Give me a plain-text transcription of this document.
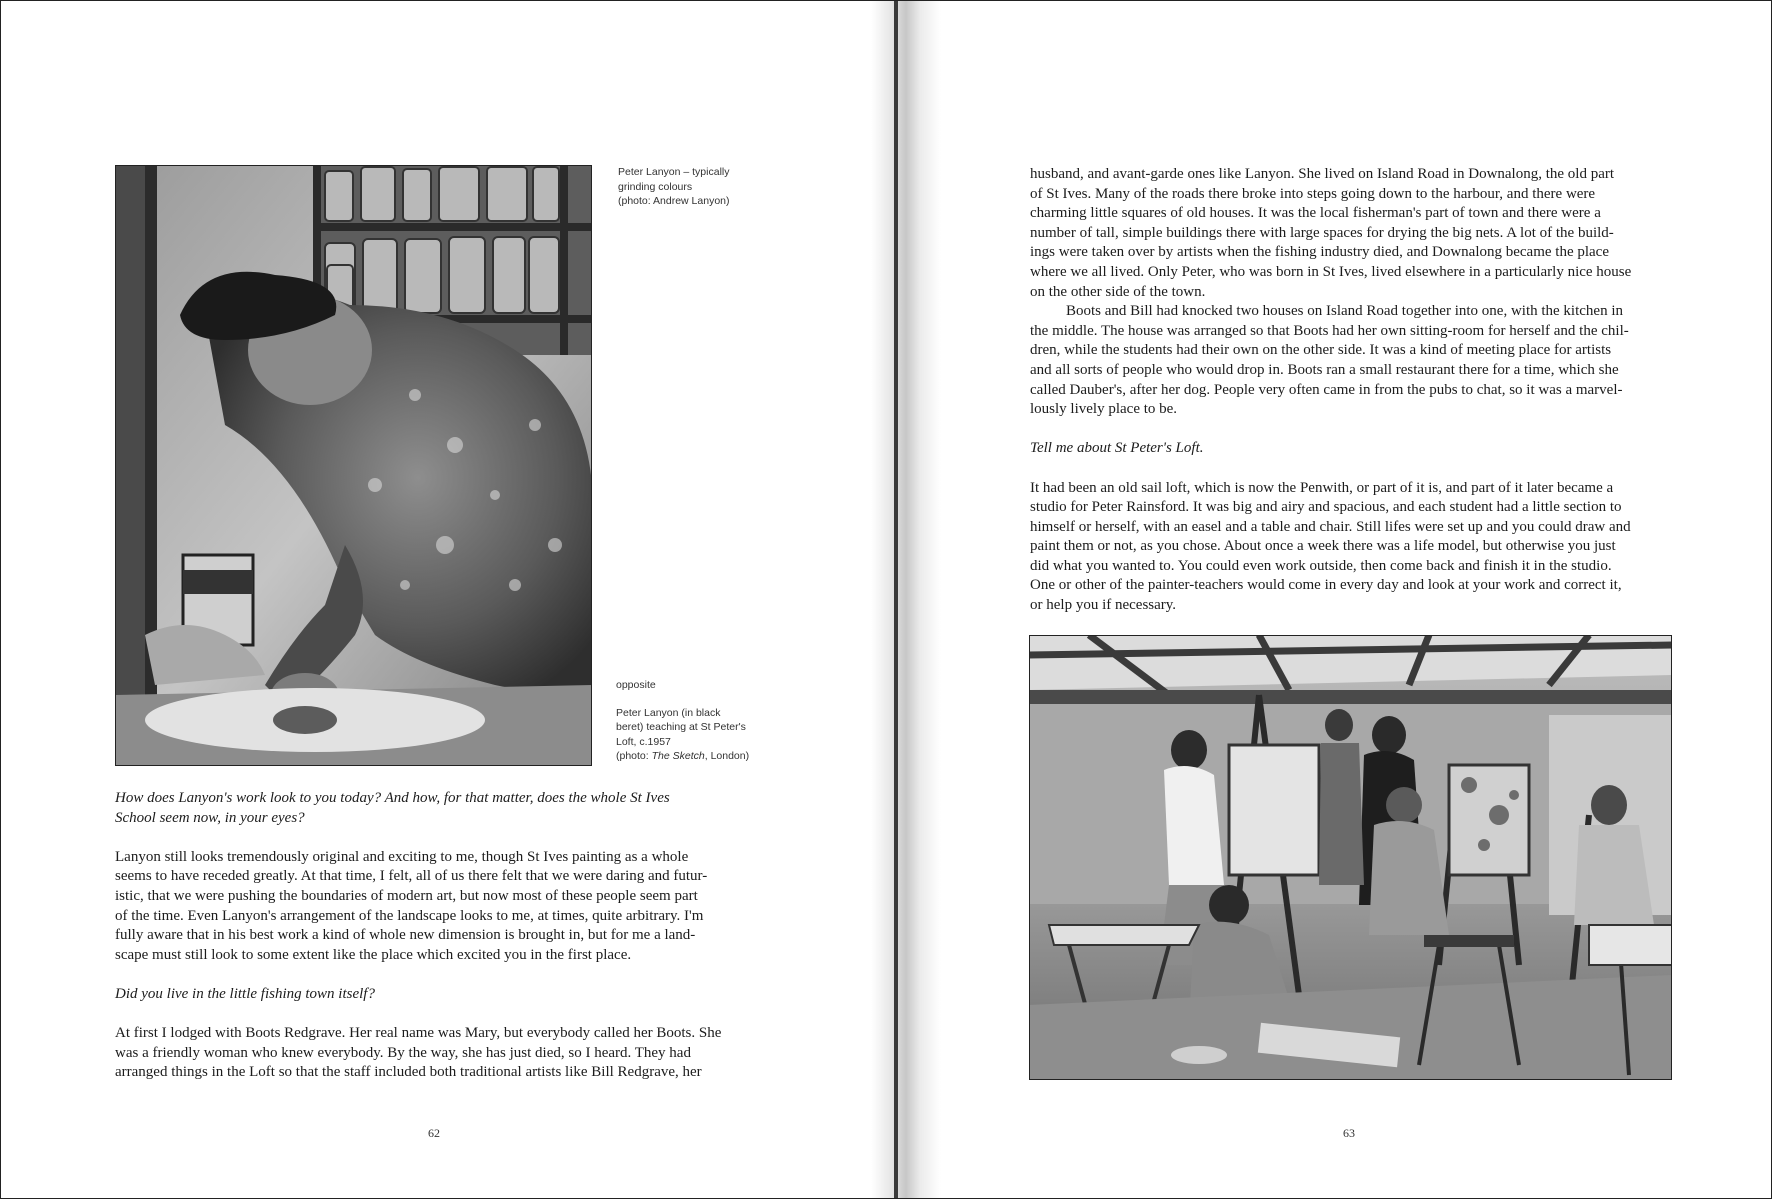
Peter Lanyon – typically

grinding colours

(photo: Andrew Lanyon)

opposite

Peter Lanyon (in black

beret) teaching at St Peter's

Loft, c.1957

(photo: The Sketch, London)

How does Lanyon's work look to you today? And how, for that matter, does the whole St Ives
School seem now, in your eyes?

Lanyon still looks tremendously original and exciting to me, though St Ives painting as a whole
seems to have receded greatly. At that time, I felt, all of us there felt that we were daring and futur-
istic, that we were pushing the boundaries of modern art, but now most of these people seem part
of the time. Even Lanyon's arrangement of the landscape looks to me, at times, quite arbitrary. I'm
fully aware that in his best work a kind of whole new dimension is brought in, but for me a land-
scape must still look to some extent like the place which excited you in the first place.

Did you live in the little fishing town itself?

At first I lodged with Boots Redgrave. Her real name was Mary, but everybody called her Boots. She
was a friendly woman who knew everybody. By the way, she has just died, so I heard. They had
arranged things in the Loft so that the staff included both traditional artists like Bill Redgrave, her

62

husband, and avant-garde ones like Lanyon. She lived on Island Road in Downalong, the old part
of St Ives. Many of the roads there broke into steps going down to the harbour, and there were
charming little squares of old houses. It was the local fisherman's part of town and there were a
number of tall, simple buildings there with large spaces for drying the big nets. A lot of the build-
ings were taken over by artists when the fishing industry died, and Downalong became the place
where we all lived. Only Peter, who was born in St Ives, lived elsewhere in a particularly nice house
on the other side of the town.

Boots and Bill had knocked two houses on Island Road together into one, with the kitchen in
the middle. The house was arranged so that Boots had her own sitting-room for herself and the chil-
dren, while the students had their own on the other side. It was a kind of meeting place for artists
and all sorts of people who would drop in. Boots ran a small restaurant there for a time, which she
called Dauber's, after her dog. People very often came in from the pubs to chat, so it was a marvel-
lously lively place to be.

Tell me about St Peter's Loft.

It had been an old sail loft, which is now the Penwith, or part of it is, and part of it later became a
studio for Peter Rainsford. It was big and airy and spacious, and each student had a little section to
himself or herself, with an easel and a table and chair. Still lifes were set up and you could draw and
paint them or not, as you chose. About once a week there was a life model, but otherwise you just
did what you wanted to. You could even work outside, then come back and finish it in the studio.
One or other of the painter-teachers would come in every day and look at your work and correct it,
or help you if necessary.

63
